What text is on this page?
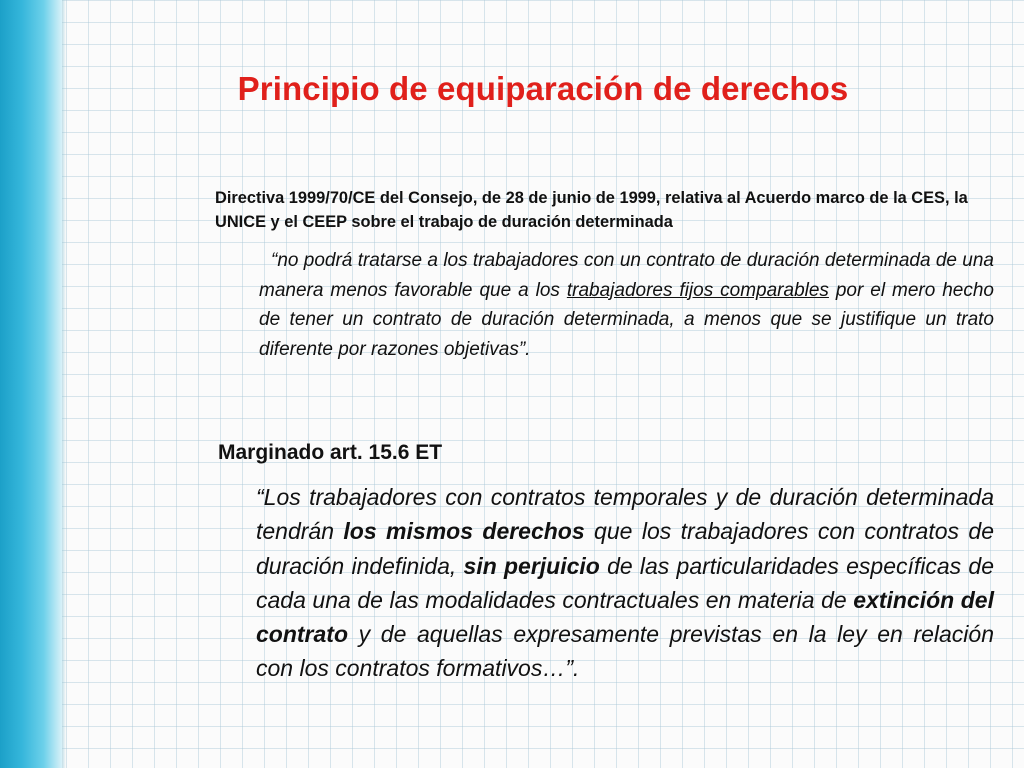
Principio de equiparación de derechos
Directiva 1999/70/CE del Consejo, de 28 de junio de 1999, relativa al Acuerdo marco de la CES, la UNICE y el CEEP sobre el trabajo de duración determinada
“no podrá tratarse a los trabajadores con un contrato de duración determinada de una manera menos favorable que a los trabajadores fijos comparables por el mero hecho de tener un contrato de duración determinada, a menos que se justifique un trato diferente por razones objetivas”.
Marginado art. 15.6 ET
“Los trabajadores con contratos temporales y de duración determinada tendrán los mismos derechos que los trabajadores con contratos de duración indefinida, sin perjuicio de las particularidades específicas de cada una de las modalidades contractuales en materia de extinción del contrato y de aquellas expresamente previstas en la ley en relación con los contratos formativos…”.
